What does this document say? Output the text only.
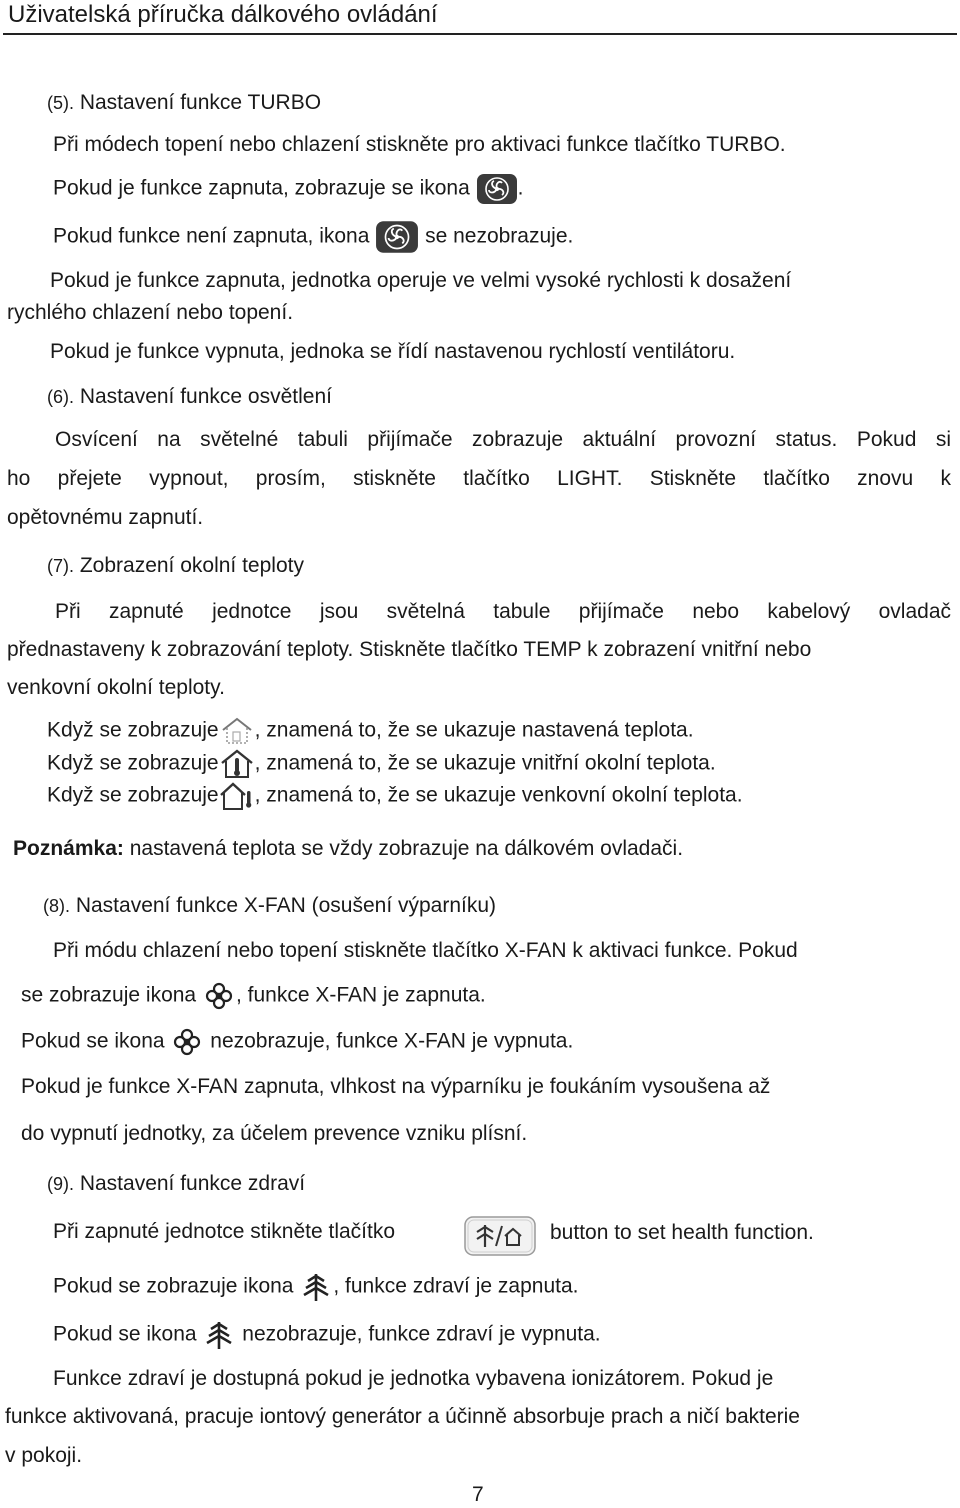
Uživatelská příručka dálkového ovládání
(5). Nastavení funkce TURBO
Při módech topení nebo chlazení stiskněte pro aktivaci funkce tlačítko TURBO.
Pokud je funkce zapnuta, zobrazuje se ikona
.
Pokud funkce není zapnuta, ikona
se nezobrazuje.
Pokud je funkce zapnuta, jednotka operuje ve velmi vysoké rychlosti k dosažení
rychlého chlazení nebo topení.
Pokud je funkce vypnuta, jednoka se řídí nastavenou rychlostí ventilátoru.
(6). Nastavení funkce osvětlení
Osvícení na světelné tabuli přijímače zobrazuje aktuální provozní status. Pokud si
ho přejete vypnout, prosím, stiskněte tlačítko LIGHT. Stiskněte tlačítko znovu k
opětovnému zapnutí.
(7). Zobrazení okolní teploty
Při zapnuté jednotce jsou světelná tabule přijímače nebo kabelový ovladač
přednastaveny k zobrazování teploty. Stiskněte tlačítko TEMP k zobrazení vnitřní nebo
venkovní okolní teploty.
Když se zobrazuje , znamená to, že se ukazuje nastavená teplota.
Když se zobrazuje , znamená to, že se ukazuje vnitřní okolní teplota.
Když se zobrazuje , znamená to, že se ukazuje venkovní okolní teplota.
Poznámka: nastavená teplota se vždy zobrazuje na dálkovém ovladači.
(8). Nastavení funkce X-FAN (osušení výparníku)
Při módu chlazení nebo topení stiskněte tlačítko X-FAN k aktivaci funkce. Pokud
se zobrazuje ikona
, funkce X-FAN je zapnuta.
Pokud se ikona
nezobrazuje, funkce X-FAN je vypnuta.
Pokud je funkce X-FAN zapnuta, vlhkost na výparníku je foukáním vysoušena až
do vypnutí jednotky, za účelem prevence vzniku plísní.
(9). Nastavení funkce zdraví
Při zapnuté jednotce stikněte tlačítko	button to set health function.
Pokud se zobrazuje ikona
, funkce zdraví je zapnuta.
Pokud se ikona
nezobrazuje, funkce zdraví je vypnuta.
Funkce zdraví je dostupná pokud je jednotka vybavena ionizátorem. Pokud je
funkce aktivovaná, pracuje iontový generátor a účinně absorbuje prach a ničí bakterie
v pokoji.
7
